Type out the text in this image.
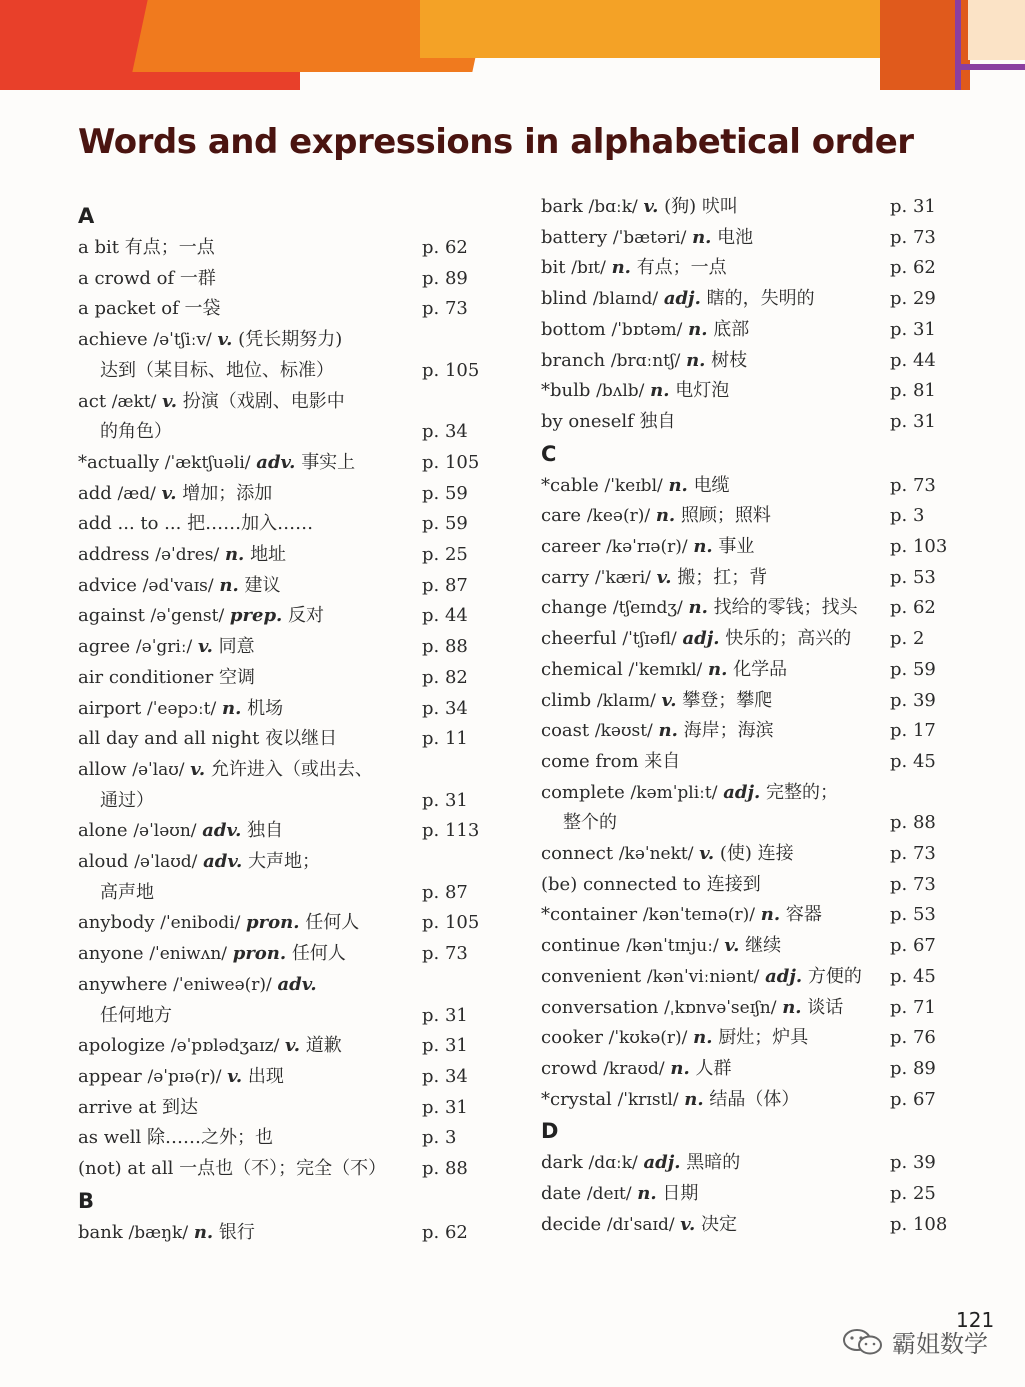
Words and expressions in alphabetical order
A
a bit 有点；一点	p. 62
a crowd of 一群	p. 89
a packet of 一袋	p. 73
achieve /əˈtʃiːv/ v. (凭长期努力)
达到（某目标、地位、标准）	p. 105
act /ækt/ v. 扮演（戏剧、电影中
的角色）	p. 34
*actually /ˈæktʃuəli/ adv. 事实上	p. 105
add /æd/ v. 增加；添加	p. 59
add ... to ... 把……加入……	p. 59
address /əˈdres/ n. 地址	p. 25
advice /ədˈvaɪs/ n. 建议	p. 87
against /əˈgenst/ prep. 反对	p. 44
agree /əˈgriː/ v. 同意	p. 88
air conditioner 空调	p. 82
airport /ˈeəpɔːt/ n. 机场	p. 34
all day and all night 夜以继日	p. 11
allow /əˈlaʊ/ v. 允许进入（或出去、
通过）	p. 31
alone /əˈləʊn/ adv. 独自	p. 113
aloud /əˈlaʊd/ adv. 大声地；
高声地	p. 87
anybody /ˈenibodi/ pron. 任何人	p. 105
anyone /ˈeniwʌn/ pron. 任何人	p. 73
anywhere /ˈeniweə(r)/ adv.
任何地方	p. 31
apologize /əˈpɒlədʒaɪz/ v. 道歉	p. 31
appear /əˈpɪə(r)/ v. 出现	p. 34
arrive at 到达	p. 31
as well 除……之外；也	p. 3
(not) at all 一点也（不）；完全（不）	p. 88
B
bank /bæŋk/ n. 银行	p. 62
bark /bɑːk/ v. (狗) 吠叫	p. 31
battery /ˈbætəri/ n. 电池	p. 73
bit /bɪt/ n. 有点；一点	p. 62
blind /blaɪnd/ adj. 瞎的，失明的	p. 29
bottom /ˈbɒtəm/ n. 底部	p. 31
branch /brɑːntʃ/ n. 树枝	p. 44
*bulb /bʌlb/ n. 电灯泡	p. 81
by oneself 独自	p. 31
C
*cable /ˈkeɪbl/ n. 电缆	p. 73
care /keə(r)/ n. 照顾；照料	p. 3
career /kəˈrɪə(r)/ n. 事业	p. 103
carry /ˈkæri/ v. 搬；扛；背	p. 53
change /tʃeɪndʒ/ n. 找给的零钱；找头	p. 62
cheerful /ˈtʃɪəfl/ adj. 快乐的；高兴的	p. 2
chemical /ˈkemɪkl/ n. 化学品	p. 59
climb /klaɪm/ v. 攀登；攀爬	p. 39
coast /kəʊst/ n. 海岸；海滨	p. 17
come from 来自	p. 45
complete /kəmˈpliːt/ adj. 完整的；
整个的	p. 88
connect /kəˈnekt/ v. (使) 连接	p. 73
(be) connected to 连接到	p. 73
*container /kənˈteɪnə(r)/ n. 容器	p. 53
continue /kənˈtɪnjuː/ v. 继续	p. 67
convenient /kənˈviːniənt/ adj. 方便的	p. 45
conversation /ˌkɒnvəˈseɪʃn/ n. 谈话	p. 71
cooker /ˈkʊkə(r)/ n. 厨灶；炉具	p. 76
crowd /kraʊd/ n. 人群	p. 89
*crystal /ˈkrɪstl/ n. 结晶（体）	p. 67
D
dark /dɑːk/ adj. 黑暗的	p. 39
date /deɪt/ n. 日期	p. 25
decide /dɪˈsaɪd/ v. 决定	p. 108
121
霸姐数学
